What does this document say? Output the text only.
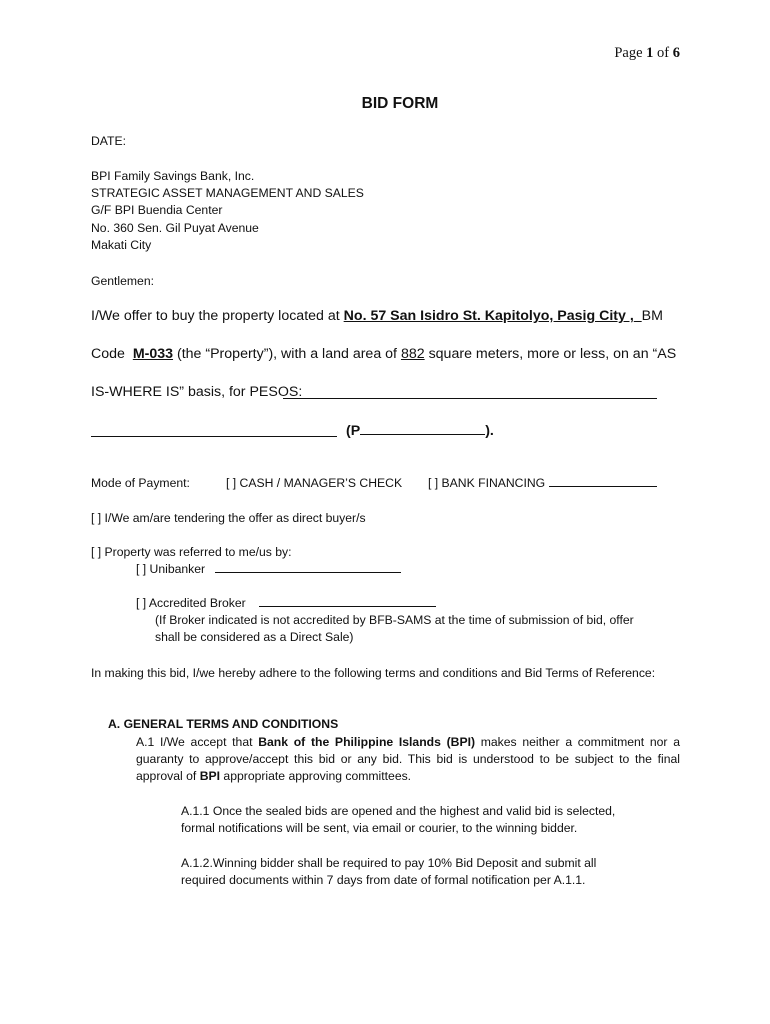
Page 1 of 6
BID FORM
DATE:
BPI Family Savings Bank, Inc.
STRATEGIC ASSET MANAGEMENT AND SALES
G/F BPI Buendia Center
No. 360 Sen. Gil Puyat Avenue
Makati City
Gentlemen:
I/We offer to buy the property located at No. 57 San Isidro St. Kapitolyo, Pasig City , BM
Code M-033 (the “Property”), with a land area of 882 square meters, more or less, on an “AS
IS-WHERE IS” basis, for PESOS:
(P	).
Mode of Payment:	[ ] CASH / MANAGER’S CHECK [ ] BANK FINANCING
[ ] I/We am/are tendering the offer as direct buyer/s
[ ] Property was referred to me/us by:
[ ] Unibanker
[ ] Accredited Broker
(If Broker indicated is not accredited by BFB-SAMS at the time of submission of bid, offer
shall be considered as a Direct Sale)
In making this bid, I/we hereby adhere to the following terms and conditions and Bid Terms of Reference:
A. GENERAL TERMS AND CONDITIONS
A.1 I/We accept that Bank of the Philippine Islands (BPI) makes neither a commitment nor a guaranty to approve/accept this bid or any bid. This bid is understood to be subject to the final approval of BPI appropriate approving committees.
A.1.1 Once the sealed bids are opened and the highest and valid bid is selected,
formal notifications will be sent, via email or courier, to the winning bidder.
A.1.2.Winning bidder shall be required to pay 10% Bid Deposit and submit all
required documents within 7 days from date of formal notification per A.1.1.
